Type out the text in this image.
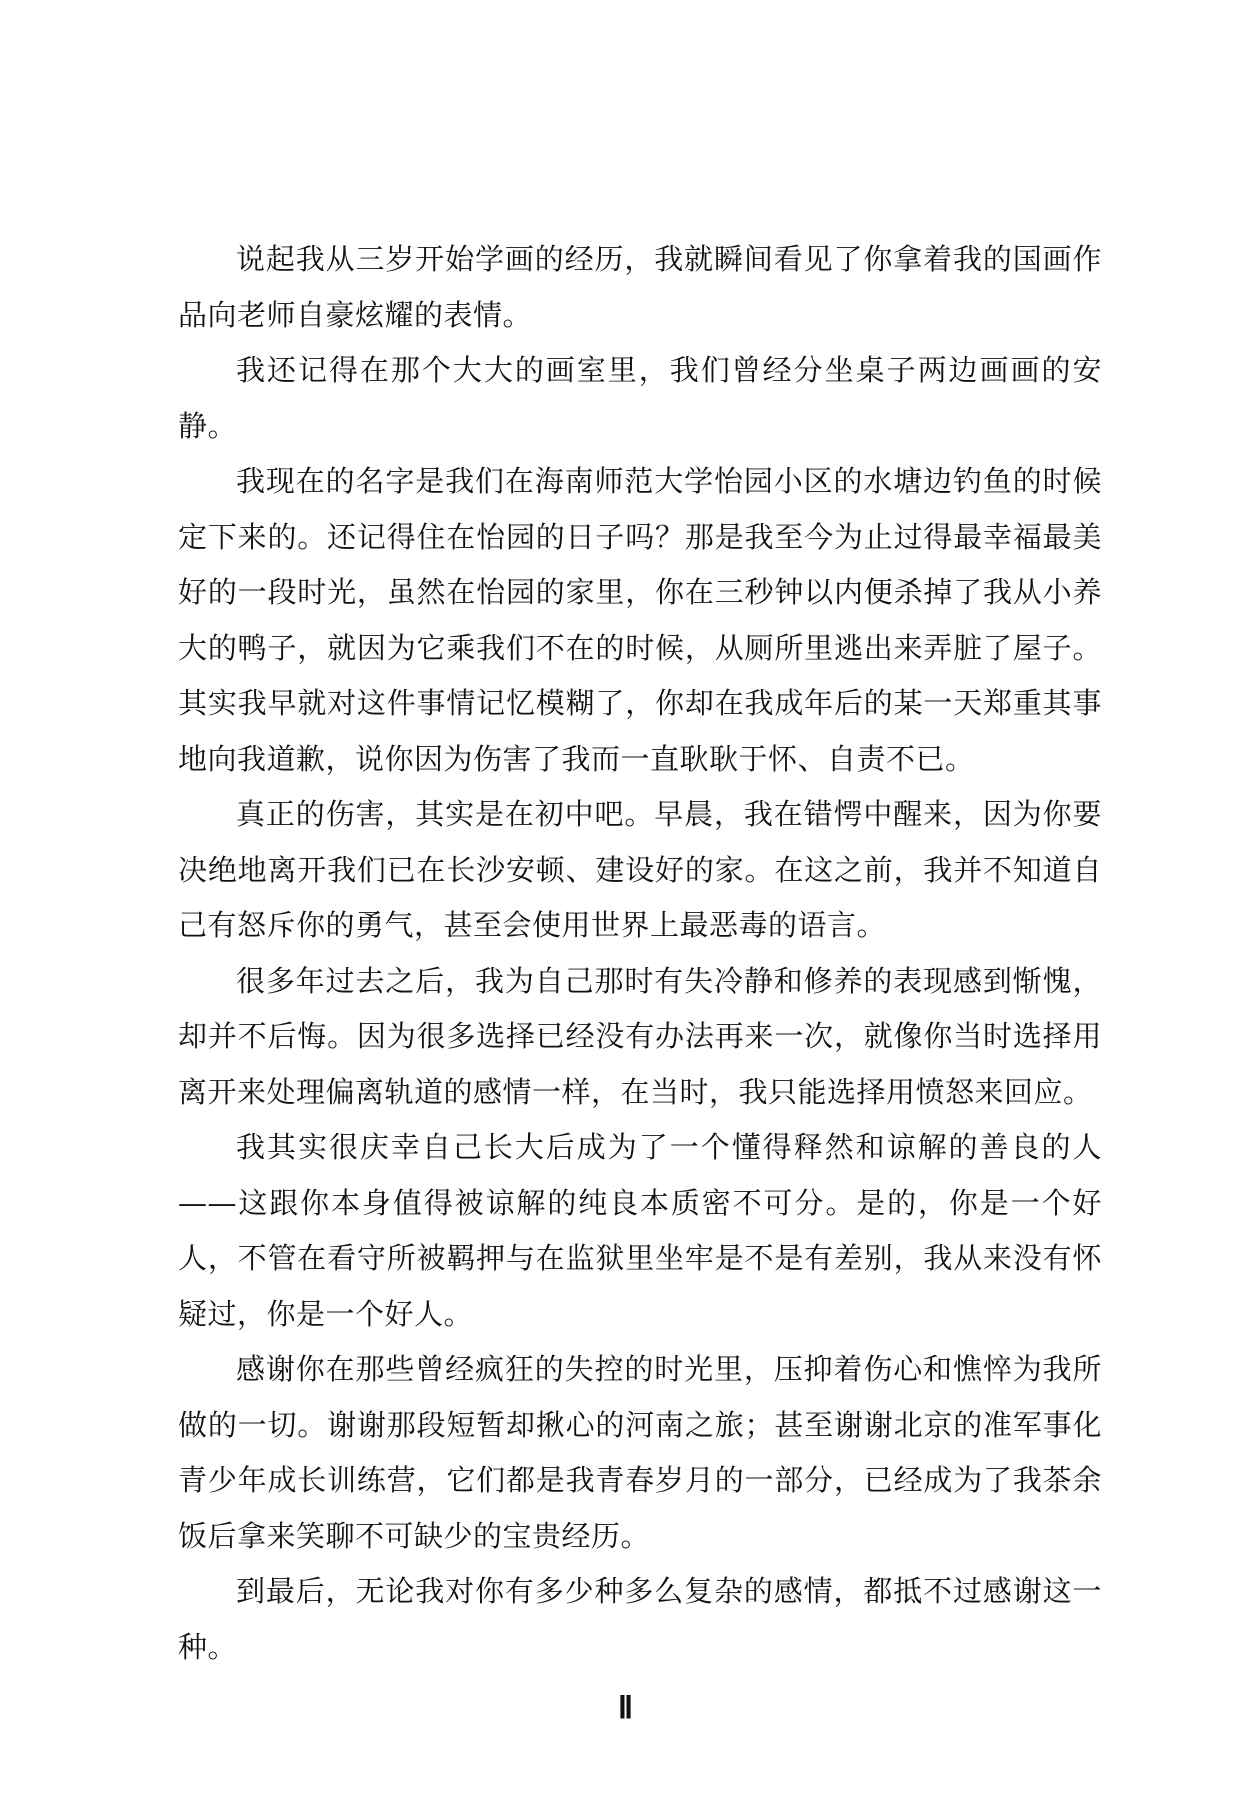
说起我从三岁开始学画的经历，我就瞬间看见了你拿着我的国画作品向老师自豪炫耀的表情。

我还记得在那个大大的画室里，我们曾经分坐桌子两边画画的安静。

我现在的名字是我们在海南师范大学怡园小区的水塘边钓鱼的时候定下来的。还记得住在怡园的日子吗？那是我至今为止过得最幸福最美好的一段时光，虽然在怡园的家里，你在三秒钟以内便杀掉了我从小养大的鸭子，就因为它乘我们不在的时候，从厕所里逃出来弄脏了屋子。其实我早就对这件事情记忆模糊了，你却在我成年后的某一天郑重其事地向我道歉，说你因为伤害了我而一直耿耿于怀、自责不已。

真正的伤害，其实是在初中吧。早晨，我在错愕中醒来，因为你要决绝地离开我们已在长沙安顿、建设好的家。在这之前，我并不知道自己有怒斥你的勇气，甚至会使用世界上最恶毒的语言。

很多年过去之后，我为自己那时有失冷静和修养的表现感到惭愧，却并不后悔。因为很多选择已经没有办法再来一次，就像你当时选择用离开来处理偏离轨道的感情一样，在当时，我只能选择用愤怒来回应。

我其实很庆幸自己长大后成为了一个懂得释然和谅解的善良的人——这跟你本身值得被谅解的纯良本质密不可分。是的，你是一个好人，不管在看守所被羁押与在监狱里坐牢是不是有差别，我从来没有怀疑过，你是一个好人。

感谢你在那些曾经疯狂的失控的时光里，压抑着伤心和憔悴为我所做的一切。谢谢那段短暂却揪心的河南之旅；甚至谢谢北京的准军事化青少年成长训练营，它们都是我青春岁月的一部分，已经成为了我茶余饭后拿来笑聊不可缺少的宝贵经历。

到最后，无论我对你有多少种多么复杂的感情，都抵不过感谢这一种。

Ⅱ
